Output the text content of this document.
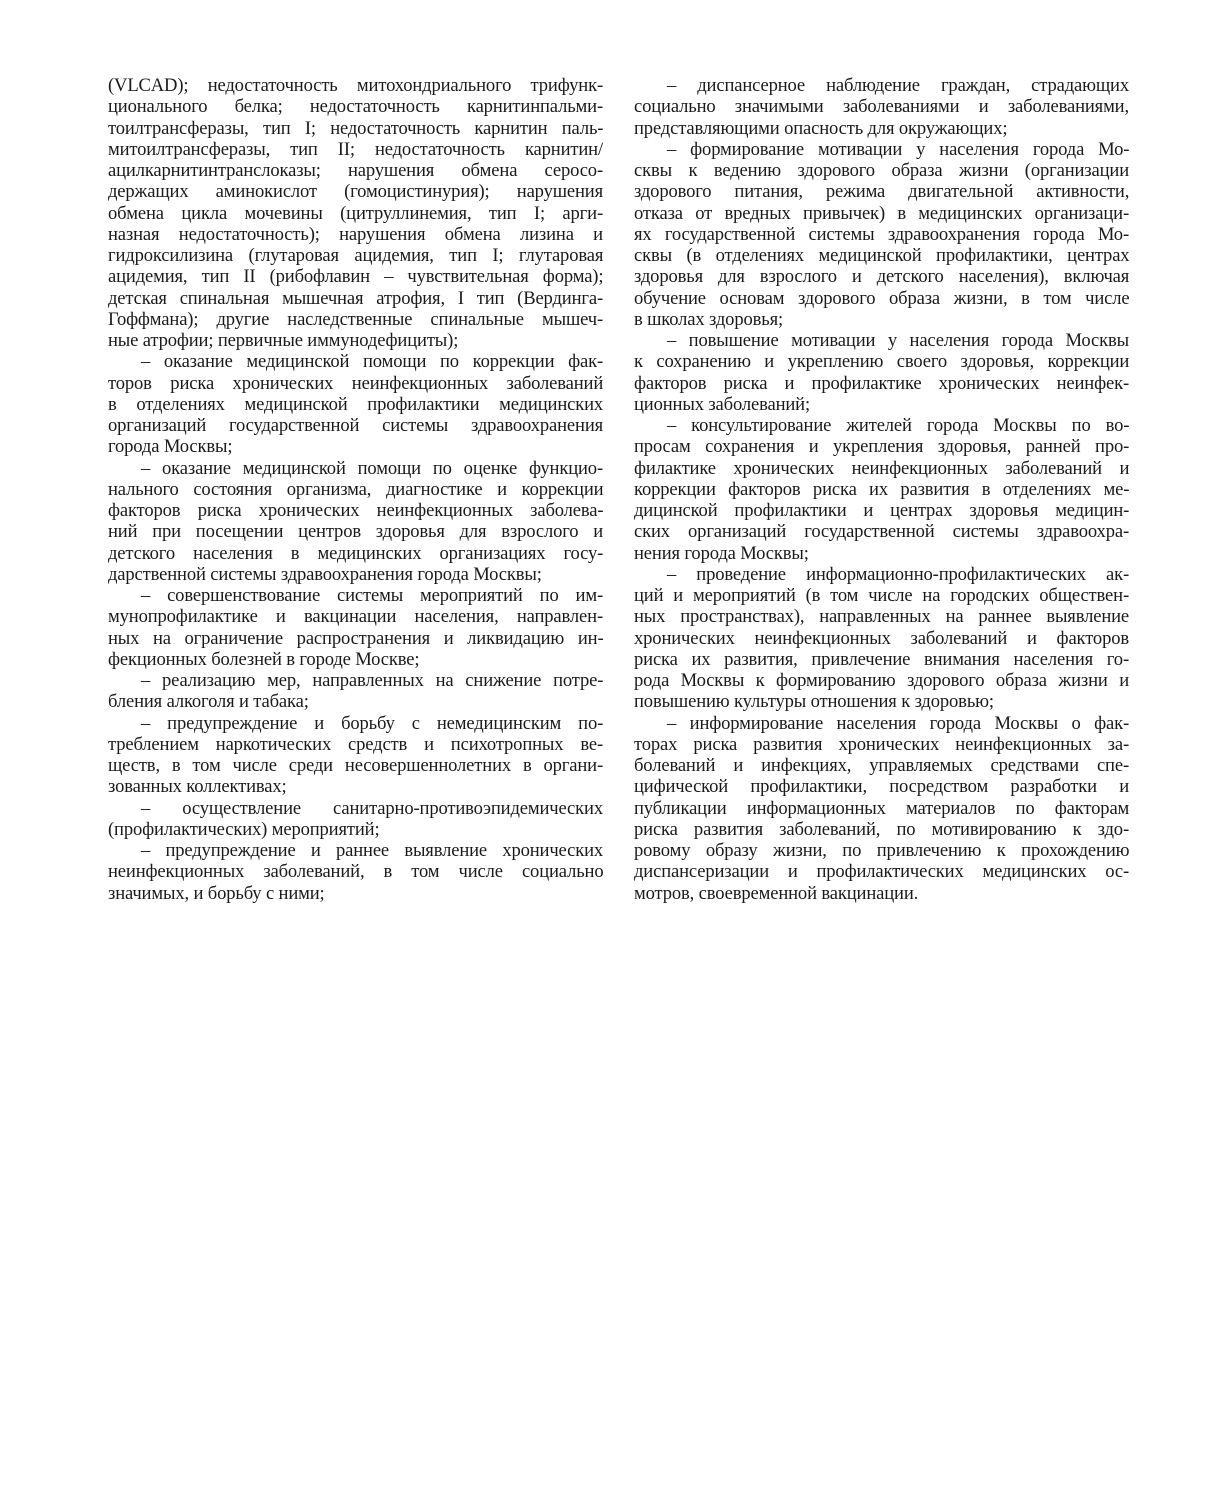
(VLCAD); недостаточность митохондриального трифунк-
ционального белка; недостаточность карнитинпальми-
тоилтрансферазы, тип I; недостаточность карнитин паль-
митоилтрансферазы, тип II; недостаточность карнитин/
ацилкарнитинтранслоказы; нарушения обмена серосо-
держащих аминокислот (гомоцистинурия); нарушения
обмена цикла мочевины (цитруллинемия, тип I; арги-
назная недостаточность); нарушения обмена лизина и
гидроксилизина (глутаровая ацидемия, тип I; глутаровая
ацидемия, тип II (рибофлавин – чувствительная форма);
детская спинальная мышечная атрофия, I тип (Вердинга-
Гоффмана); другие наследственные спинальные мышеч-
ные атрофии; первичные иммунодефициты);
– оказание медицинской помощи по коррекции фак-
торов риска хронических неинфекционных заболеваний
в отделениях медицинской профилактики медицинских
организаций государственной системы здравоохранения
города Москвы;
– оказание медицинской помощи по оценке функцио-
нального состояния организма, диагностике и коррекции
факторов риска хронических неинфекционных заболева-
ний при посещении центров здоровья для взрослого и
детского населения в медицинских организациях госу-
дарственной системы здравоохранения города Москвы;
– совершенствование системы мероприятий по им-
мунопрофилактике и вакцинации населения, направлен-
ных на ограничение распространения и ликвидацию ин-
фекционных болезней в городе Москве;
– реализацию мер, направленных на снижение потре-
бления алкоголя и табака;
– предупреждение и борьбу с немедицинским по-
треблением наркотических средств и психотропных ве-
ществ, в том числе среди несовершеннолетних в органи-
зованных коллективах;
– осуществление санитарно-противоэпидемических
(профилактических) мероприятий;
– предупреждение и раннее выявление хронических
неинфекционных заболеваний, в том числе социально
значимых, и борьбу с ними;
– диспансерное наблюдение граждан, страдающих
социально значимыми заболеваниями и заболеваниями,
представляющими опасность для окружающих;
– формирование мотивации у населения города Мо-
сквы к ведению здорового образа жизни (организации
здорового питания, режима двигательной активности,
отказа от вредных привычек) в медицинских организаци-
ях государственной системы здравоохранения города Мо-
сквы (в отделениях медицинской профилактики, центрах
здоровья для взрослого и детского населения), включая
обучение основам здорового образа жизни, в том числе
в школах здоровья;
– повышение мотивации у населения города Москвы
к сохранению и укреплению своего здоровья, коррекции
факторов риска и профилактике хронических неинфек-
ционных заболеваний;
– консультирование жителей города Москвы по во-
просам сохранения и укрепления здоровья, ранней про-
филактике хронических неинфекционных заболеваний и
коррекции факторов риска их развития в отделениях ме-
дицинской профилактики и центрах здоровья медицин-
ских организаций государственной системы здравоохра-
нения города Москвы;
– проведение информационно-профилактических ак-
ций и мероприятий (в том числе на городских обществен-
ных пространствах), направленных на раннее выявление
хронических неинфекционных заболеваний и факторов
риска их развития, привлечение внимания населения го-
рода Москвы к формированию здорового образа жизни и
повышению культуры отношения к здоровью;
– информирование населения города Москвы о фак-
торах риска развития хронических неинфекционных за-
болеваний и инфекциях, управляемых средствами спе-
цифической профилактики, посредством разработки и
публикации информационных материалов по факторам
риска развития заболеваний, по мотивированию к здо-
ровому образу жизни, по привлечению к прохождению
диспансеризации и профилактических медицинских ос-
мотров, своевременной вакцинации.
